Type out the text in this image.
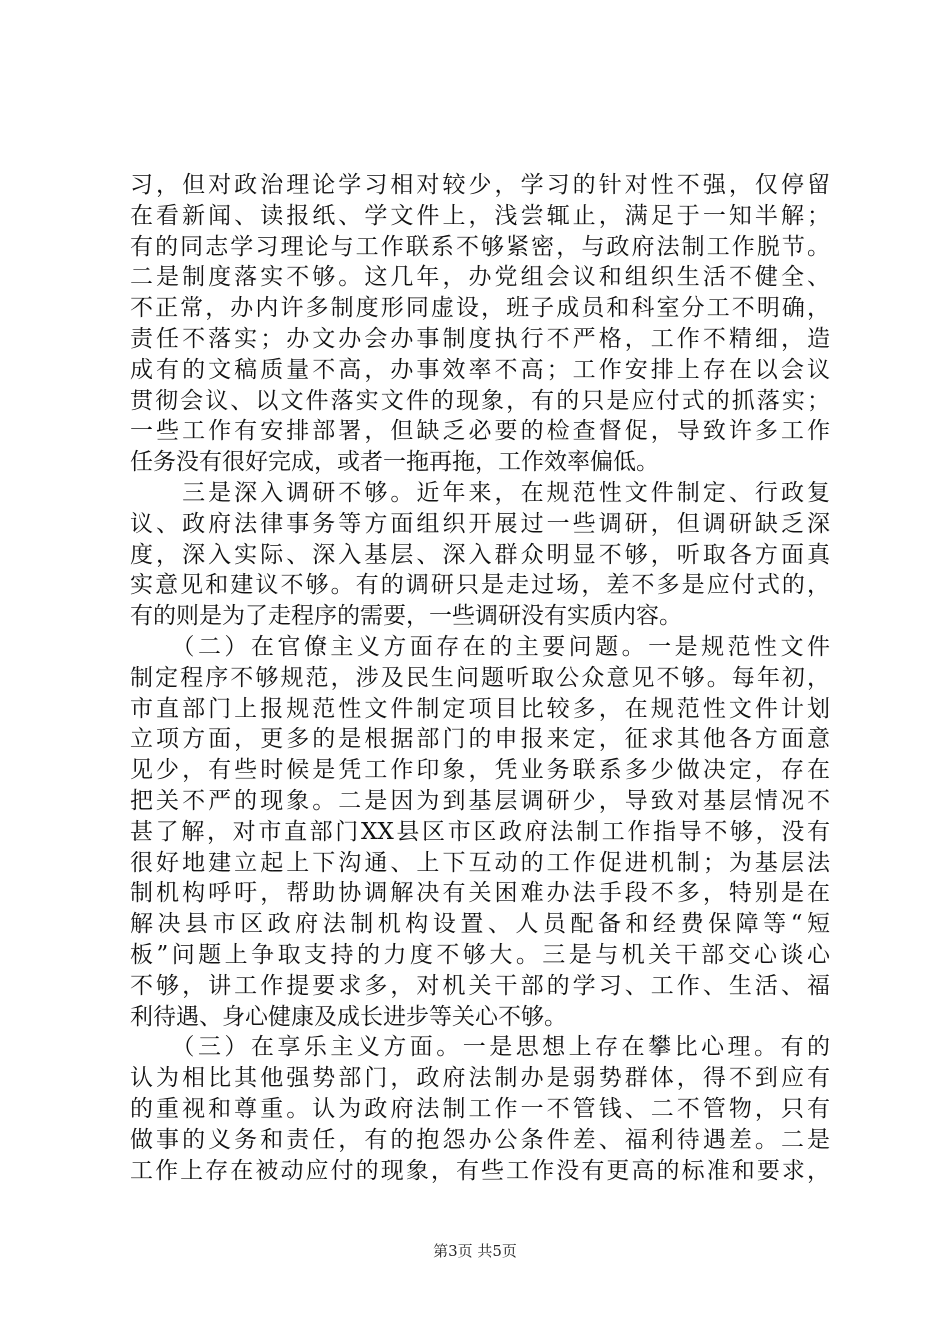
习，但对政治理论学习相对较少，学习的针对性不强，仅停留
在看新闻、读报纸、学文件上，浅尝辄止，满足于一知半解；
有的同志学习理论与工作联系不够紧密，与政府法制工作脱节。
二是制度落实不够。这几年，办党组会议和组织生活不健全、
不正常，办内许多制度形同虚设，班子成员和科室分工不明确，
责任不落实；办文办会办事制度执行不严格，工作不精细，造
成有的文稿质量不高，办事效率不高；工作安排上存在以会议
贯彻会议、以文件落实文件的现象，有的只是应付式的抓落实；
一些工作有安排部署，但缺乏必要的检查督促，导致许多工作
任务没有很好完成，或者一拖再拖，工作效率偏低。
　　三是深入调研不够。近年来，在规范性文件制定、行政复
议、政府法律事务等方面组织开展过一些调研，但调研缺乏深
度，深入实际、深入基层、深入群众明显不够，听取各方面真
实意见和建议不够。有的调研只是走过场，差不多是应付式的，
有的则是为了走程序的需要，一些调研没有实质内容。
　　（二）在官僚主义方面存在的主要问题。一是规范性文件
制定程序不够规范，涉及民生问题听取公众意见不够。每年初，
市直部门上报规范性文件制定项目比较多，在规范性文件计划
立项方面，更多的是根据部门的申报来定，征求其他各方面意
见少，有些时候是凭工作印象，凭业务联系多少做决定，存在
把关不严的现象。二是因为到基层调研少，导致对基层情况不
甚了解，对市直部门XX县区市区政府法制工作指导不够，没有
很好地建立起上下沟通、上下互动的工作促进机制；为基层法
制机构呼吁，帮助协调解决有关困难办法手段不多，特别是在
解决县市区政府法制机构设置、人员配备和经费保障等“短
板”问题上争取支持的力度不够大。三是与机关干部交心谈心
不够，讲工作提要求多，对机关干部的学习、工作、生活、福
利待遇、身心健康及成长进步等关心不够。
　　（三）在享乐主义方面。一是思想上存在攀比心理。有的
认为相比其他强势部门，政府法制办是弱势群体，得不到应有
的重视和尊重。认为政府法制工作一不管钱、二不管物，只有
做事的义务和责任，有的抱怨办公条件差、福利待遇差。二是
工作上存在被动应付的现象，有些工作没有更高的标准和要求，
第3页 共5页
